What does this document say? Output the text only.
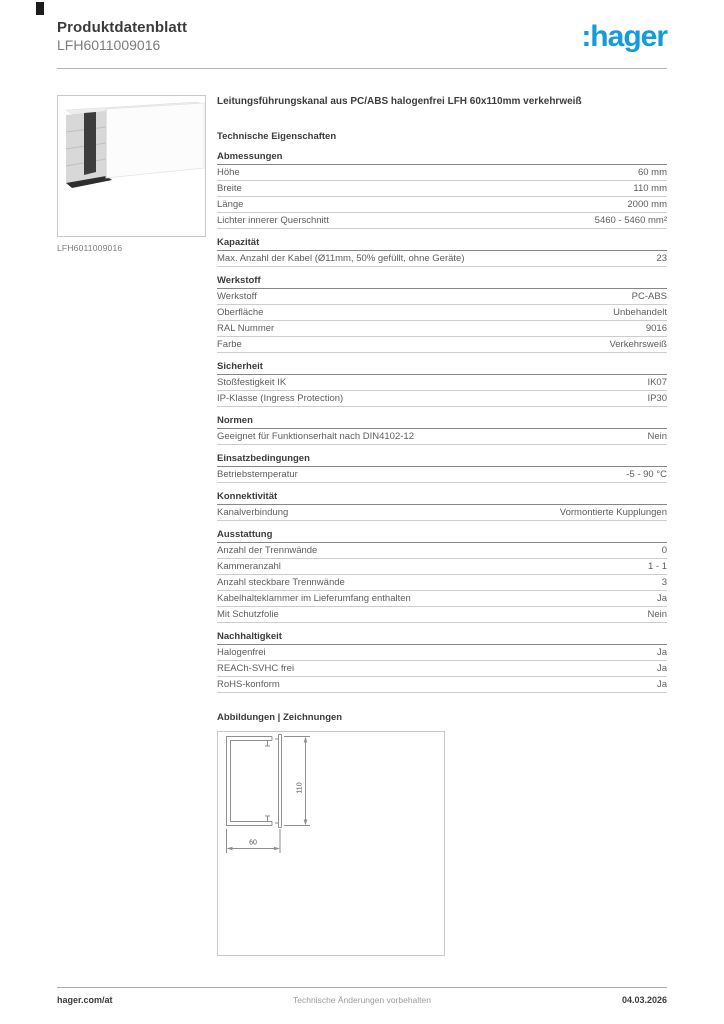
Produktdatenblatt
LFH6011009016	:hager
LFH6011009016
Leitungsführungskanal aus PC/ABS halogenfrei LFH 60x110mm verkehrweiß
Technische Eigenschaften
Abmessungen
Höhe	60 mm
Breite	110 mm
Länge	2000 mm
Lichter innerer Querschnitt	5460 - 5460 mm²
Kapazität
Max. Anzahl der Kabel (Ø11mm, 50% gefüllt, ohne Geräte)	23
Werkstoff
Werkstoff	PC-ABS
Oberfläche	Unbehandelt
RAL Nummer	9016
Farbe	Verkehrsweiß
Sicherheit
Stoßfestigkeit IK	IK07
IP-Klasse (Ingress Protection)	IP30
Normen
Geeignet für Funktionserhalt nach DIN4102-12	Nein
Einsatzbedingungen
Betriebstemperatur	-5 - 90 °C
Konnektivität
Kanalverbindung	Vormontierte Kupplungen
Ausstattung
Anzahl der Trennwände	0
Kammeranzahl	1 - 1
Anzahl steckbare Trennwände	3
Kabelhalteklammer im Lieferumfang enthalten	Ja
Mit Schutzfolie	Nein
Nachhaltigkeit
Halogenfrei	Ja
REACh-SVHC frei	Ja
RoHS-konform	Ja
Abbildungen | Zeichnungen
110
60
Technische Änderungen vorbehalten
hager.com/at	04.03.2026
